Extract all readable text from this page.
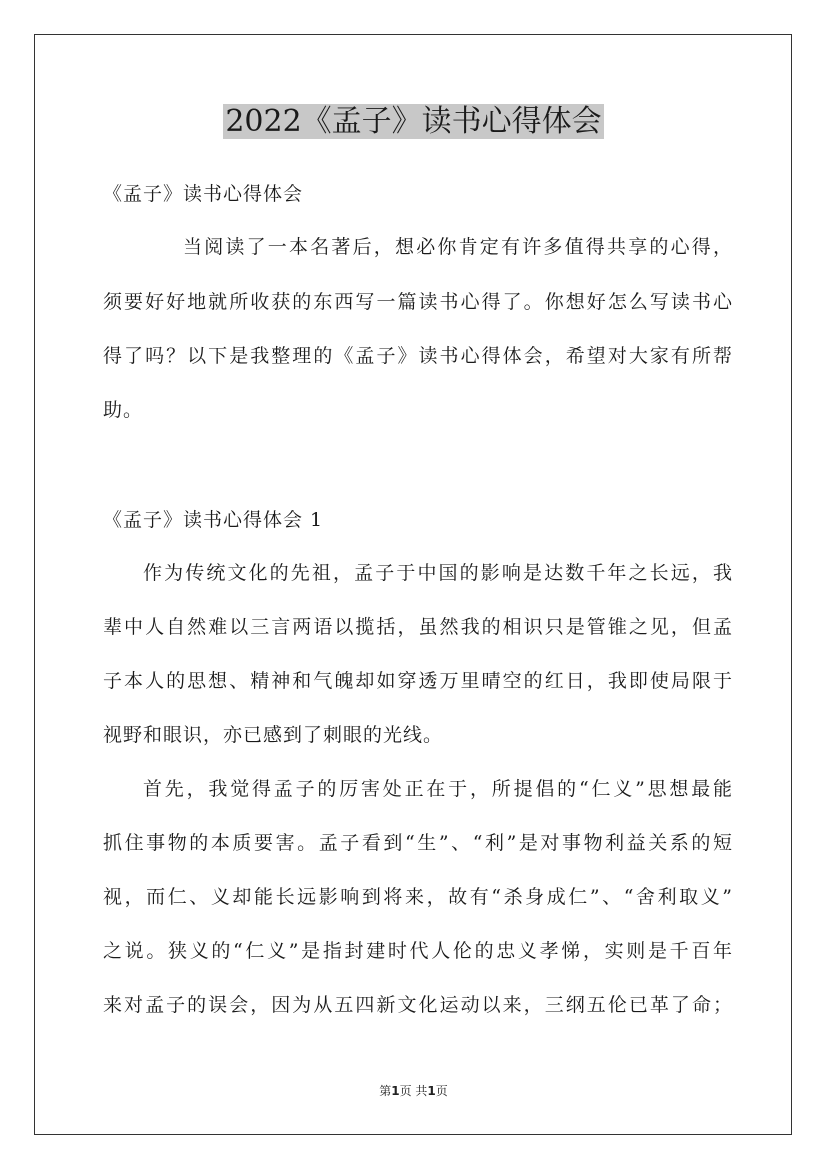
2022《孟子》读书心得体会
《孟子》读书心得体会
当阅读了一本名著后，想必你肯定有许多值得共享的心得，
须要好好地就所收获的东西写一篇读书心得了。你想好怎么写读书心
得了吗？以下是我整理的《孟子》读书心得体会，希望对大家有所帮
助。
《孟子》读书心得体会 1
作为传统文化的先祖，孟子于中国的影响是达数千年之长远，我
辈中人自然难以三言两语以揽括，虽然我的相识只是管锥之见，但孟
子本人的思想、精神和气魄却如穿透万里晴空的红日，我即使局限于
视野和眼识，亦已感到了刺眼的光线。
首先，我觉得孟子的厉害处正在于，所提倡的“仁义”思想最能
抓住事物的本质要害。孟子看到“生”、“利”是对事物利益关系的短
视，而仁、义却能长远影响到将来，故有“杀身成仁”、“舍利取义”
之说。狭义的“仁义”是指封建时代人伦的忠义孝悌，实则是千百年
来对孟子的误会，因为从五四新文化运动以来，三纲五伦已革了命；
第1页 共1页
